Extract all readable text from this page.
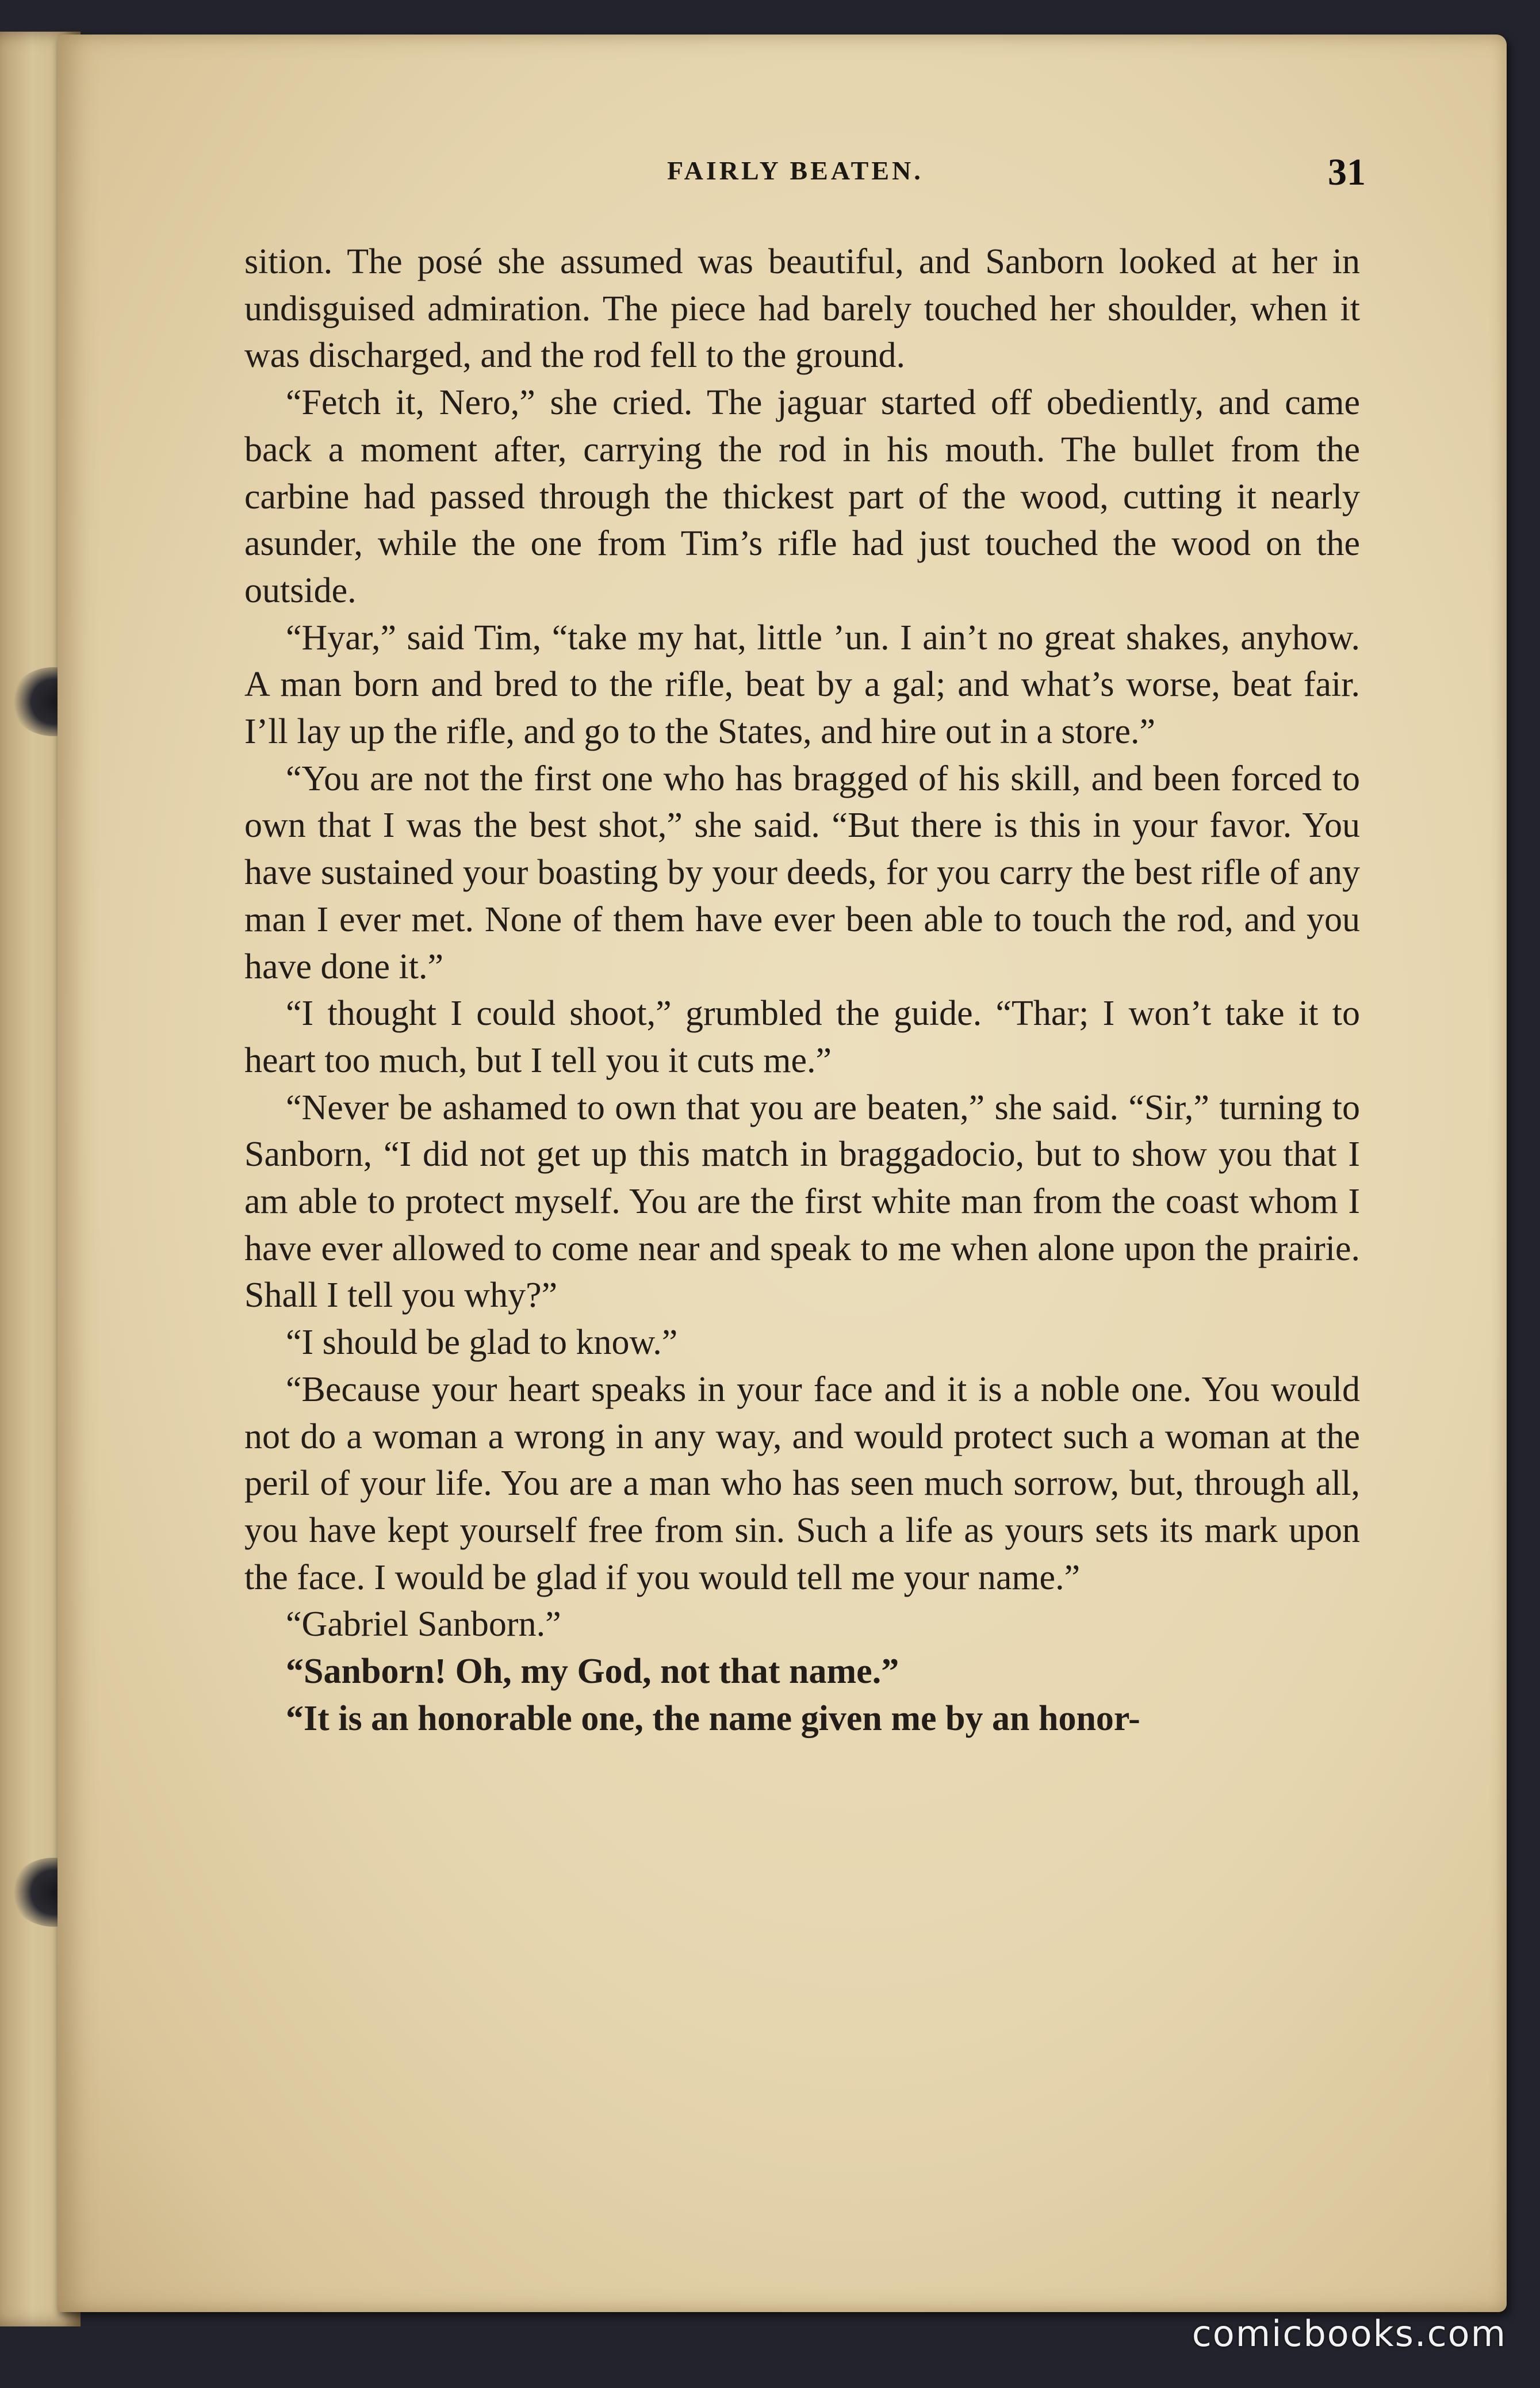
FAIRLY BEATEN.	31

sition. The posé she assumed was beautiful, and Sanborn looked at her in undisguised admiration. The piece had barely touched her shoulder, when it was discharged, and the rod fell to the ground.

“Fetch it, Nero,” she cried. The jaguar started off obediently, and came back a moment after, carrying the rod in his mouth. The bullet from the carbine had passed through the thickest part of the wood, cutting it nearly asunder, while the one from Tim’s rifle had just touched the wood on the outside.

“Hyar,” said Tim, “take my hat, little ’un. I ain’t no great shakes, anyhow. A man born and bred to the rifle, beat by a gal; and what’s worse, beat fair. I’ll lay up the rifle, and go to the States, and hire out in a store.”

“You are not the first one who has bragged of his skill, and been forced to own that I was the best shot,” she said. “But there is this in your favor. You have sustained your boasting by your deeds, for you carry the best rifle of any man I ever met. None of them have ever been able to touch the rod, and you have done it.”

“I thought I could shoot,” grumbled the guide. “Thar; I won’t take it to heart too much, but I tell you it cuts me.”

“Never be ashamed to own that you are beaten,” she said. “Sir,” turning to Sanborn, “I did not get up this match in braggadocio, but to show you that I am able to protect myself. You are the first white man from the coast whom I have ever allowed to come near and speak to me when alone upon the prairie. Shall I tell you why?”

“I should be glad to know.”

“Because your heart speaks in your face and it is a noble one. You would not do a woman a wrong in any way, and would protect such a woman at the peril of your life. You are a man who has seen much sorrow, but, through all, you have kept yourself free from sin. Such a life as yours sets its mark upon the face. I would be glad if you would tell me your name.”

“Gabriel Sanborn.”

“Sanborn! Oh, my God, not that name.”

“It is an honorable one, the name given me by an honor-

comicbooks.com
